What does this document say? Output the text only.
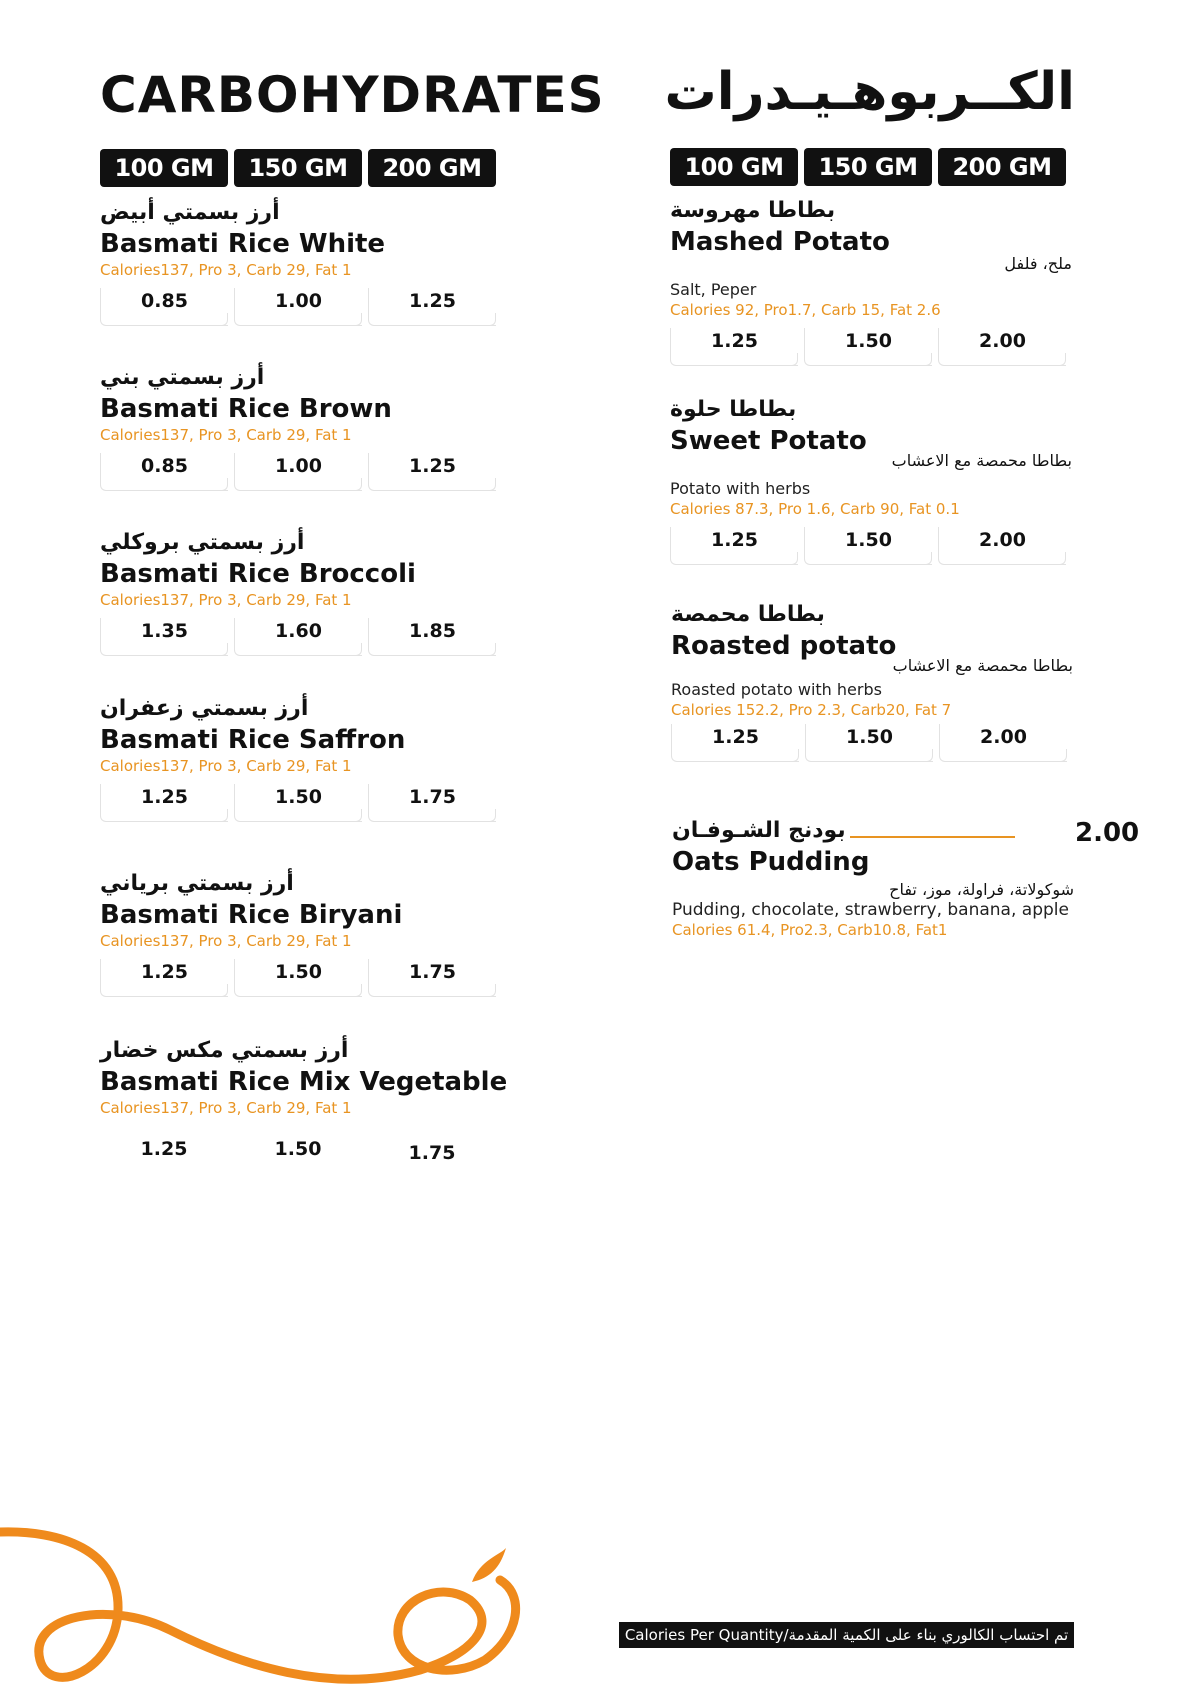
CARBOHYDRATES الكــربوهـيـدرات
100 GM	150 GM	200 GM	100 GM	150 GM	200 GM
أرز بسمتي أبيض
Basmati Rice White
Calories137, Pro 3, Carb 29, Fat 1
0.85	1.00	1.25
أرز بسمتي بني
Basmati Rice Brown
Calories137, Pro 3, Carb 29, Fat 1
0.85	1.00	1.25
أرز بسمتي بروكلي
Basmati Rice Broccoli
Calories137, Pro 3, Carb 29, Fat 1
1.35	1.60	1.85
أرز بسمتي زعفران
Basmati Rice Saffron
Calories137, Pro 3, Carb 29, Fat 1
1.25	1.50	1.75
أرز بسمتي برياني
Basmati Rice Biryani
Calories137, Pro 3, Carb 29, Fat 1
1.25	1.50	1.75
أرز بسمتي مكس خضار
Basmati Rice Mix Vegetable
Calories137, Pro 3, Carb 29, Fat 1
1.25	1.50	1.75
بطاطا مهروسة
Mashed Potato
ملح، فلفل
Salt, Peper
Calories 92, Pro1.7, Carb 15, Fat 2.6
1.25	1.50	2.00
بطاطا حلوة
Sweet Potato
بطاطا محمصة مع الاعشاب
Potato with herbs
Calories 87.3, Pro 1.6, Carb 90, Fat 0.1
1.25	1.50	2.00
بطاطا محمصة
Roasted potato
بطاطا محمصة مع الاعشاب
Roasted potato with herbs
Calories 152.2, Pro 2.3, Carb20, Fat 7
1.25	1.50	2.00
بودنج الشـوفـان
Oats Pudding
شوكولاتة، فراولة، موز، تفاح
Pudding, chocolate, strawberry, banana, apple
Calories 61.4, Pro2.3, Carb10.8, Fat1
2.00
Calories Per Quantity/تم احتساب الكالوري بناء على الكمية المقدمة
